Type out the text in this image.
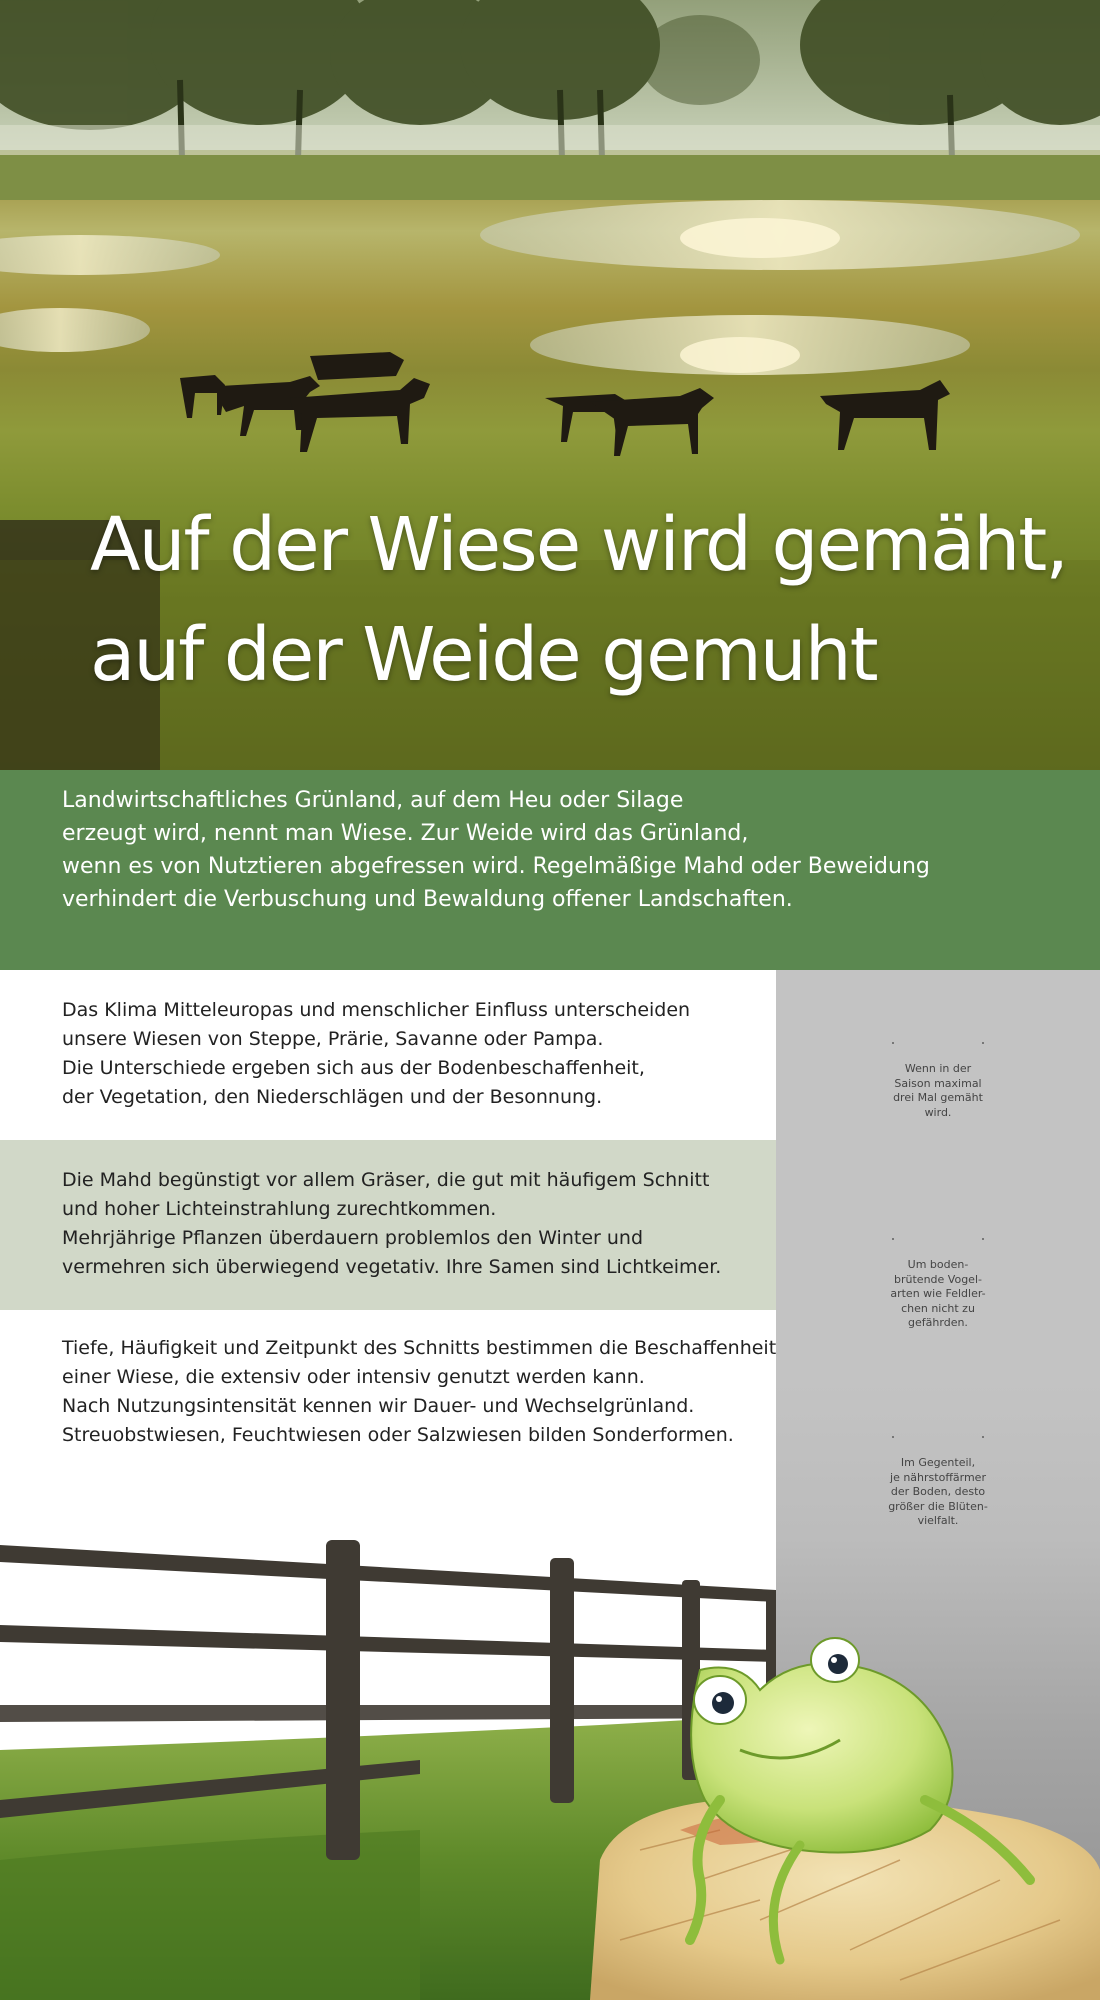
Auf der Wiese wird gemäht,
auf der Weide gemuht

Landwirtschaftliches Grünland, auf dem Heu oder Silage
erzeugt wird, nennt man Wiese. Zur Weide wird das Grünland,
wenn es von Nutztieren abgefressen wird. Regelmäßige Mahd oder Beweidung
verhindert die Verbuschung und Bewaldung offener Landschaften.

Das Klima Mitteleuropas und menschlicher Einfluss unterscheiden
unsere Wiesen von Steppe, Prärie, Savanne oder Pampa.
Die Unterschiede ergeben sich aus der Bodenbeschaffenheit,
der Vegetation, den Niederschlägen und der Besonnung.

Die Mahd begünstigt vor allem Gräser, die gut mit häufigem Schnitt
und hoher Lichteinstrahlung zurechtkommen.
Mehrjährige Pflanzen überdauern problemlos den Winter und
vermehren sich überwiegend vegetativ. Ihre Samen sind Lichtkeimer.

Tiefe, Häufigkeit und Zeitpunkt des Schnitts bestimmen die Beschaffenheit
einer Wiese, die extensiv oder intensiv genutzt werden kann.
Nach Nutzungsintensität kennen wir Dauer- und Wechselgrünland.
Streuobstwiesen, Feuchtwiesen oder Salzwiesen bilden Sonderformen.

Wenn in der
Saison maximal
drei Mal gemäht
wird.
Um boden-
brütende Vogel-
arten wie Feldler-
chen nicht zu
gefährden.
Im Gegenteil,
je nährstoffärmer
der Boden, desto
größer die Blüten-
vielfalt.
